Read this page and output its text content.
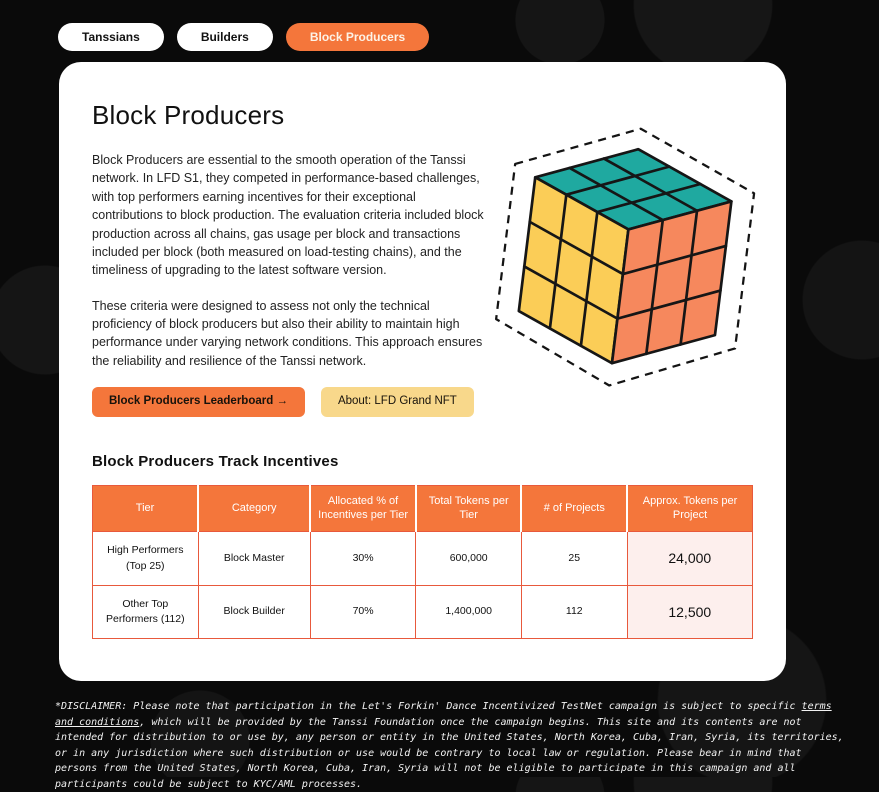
Tanssians	Builders	Block Producers
Block Producers

Block Producers are essential to the smooth operation of the Tanssi network. In LFD S1, they competed in performance-based challenges, with top performers earning incentives for their exceptional contributions to block production. The evaluation criteria included block production across all chains, gas usage per block and transactions included per block (both measured on load-testing chains), and the timeliness of upgrading to the latest software version.

These criteria were designed to assess not only the technical proficiency of block producers but also their ability to maintain high performance under varying network conditions. This approach ensures the reliability and resilience of the Tanssi network.

Block Producers Leaderboard →	About: LFD Grand NFT
Block Producers Track Incentives
Tier	Category	Allocated % of Incentives per Tier	Total Tokens per Tier	# of Projects	Approx. Tokens per Project
High Performers (Top 25)	Block Master	30%	600,000	25	24,000
Other Top Performers (112)	Block Builder	70%	1,400,000	112	12,500
*DISCLAIMER: Please note that participation in the Let's Forkin' Dance Incentivized TestNet campaign is subject to specific terms and conditions, which will be provided by the Tanssi Foundation once the campaign begins. This site and its contents are not intended for distribution to or use by, any person or entity in the United States, North Korea, Cuba, Iran, Syria, its territories, or in any jurisdiction where such distribution or use would be contrary to local law or regulation. Please bear in mind that persons from the United States, North Korea, Cuba, Iran, Syria will not be eligible to participate in this campaign and all participants could be subject to KYC/AML processes.
